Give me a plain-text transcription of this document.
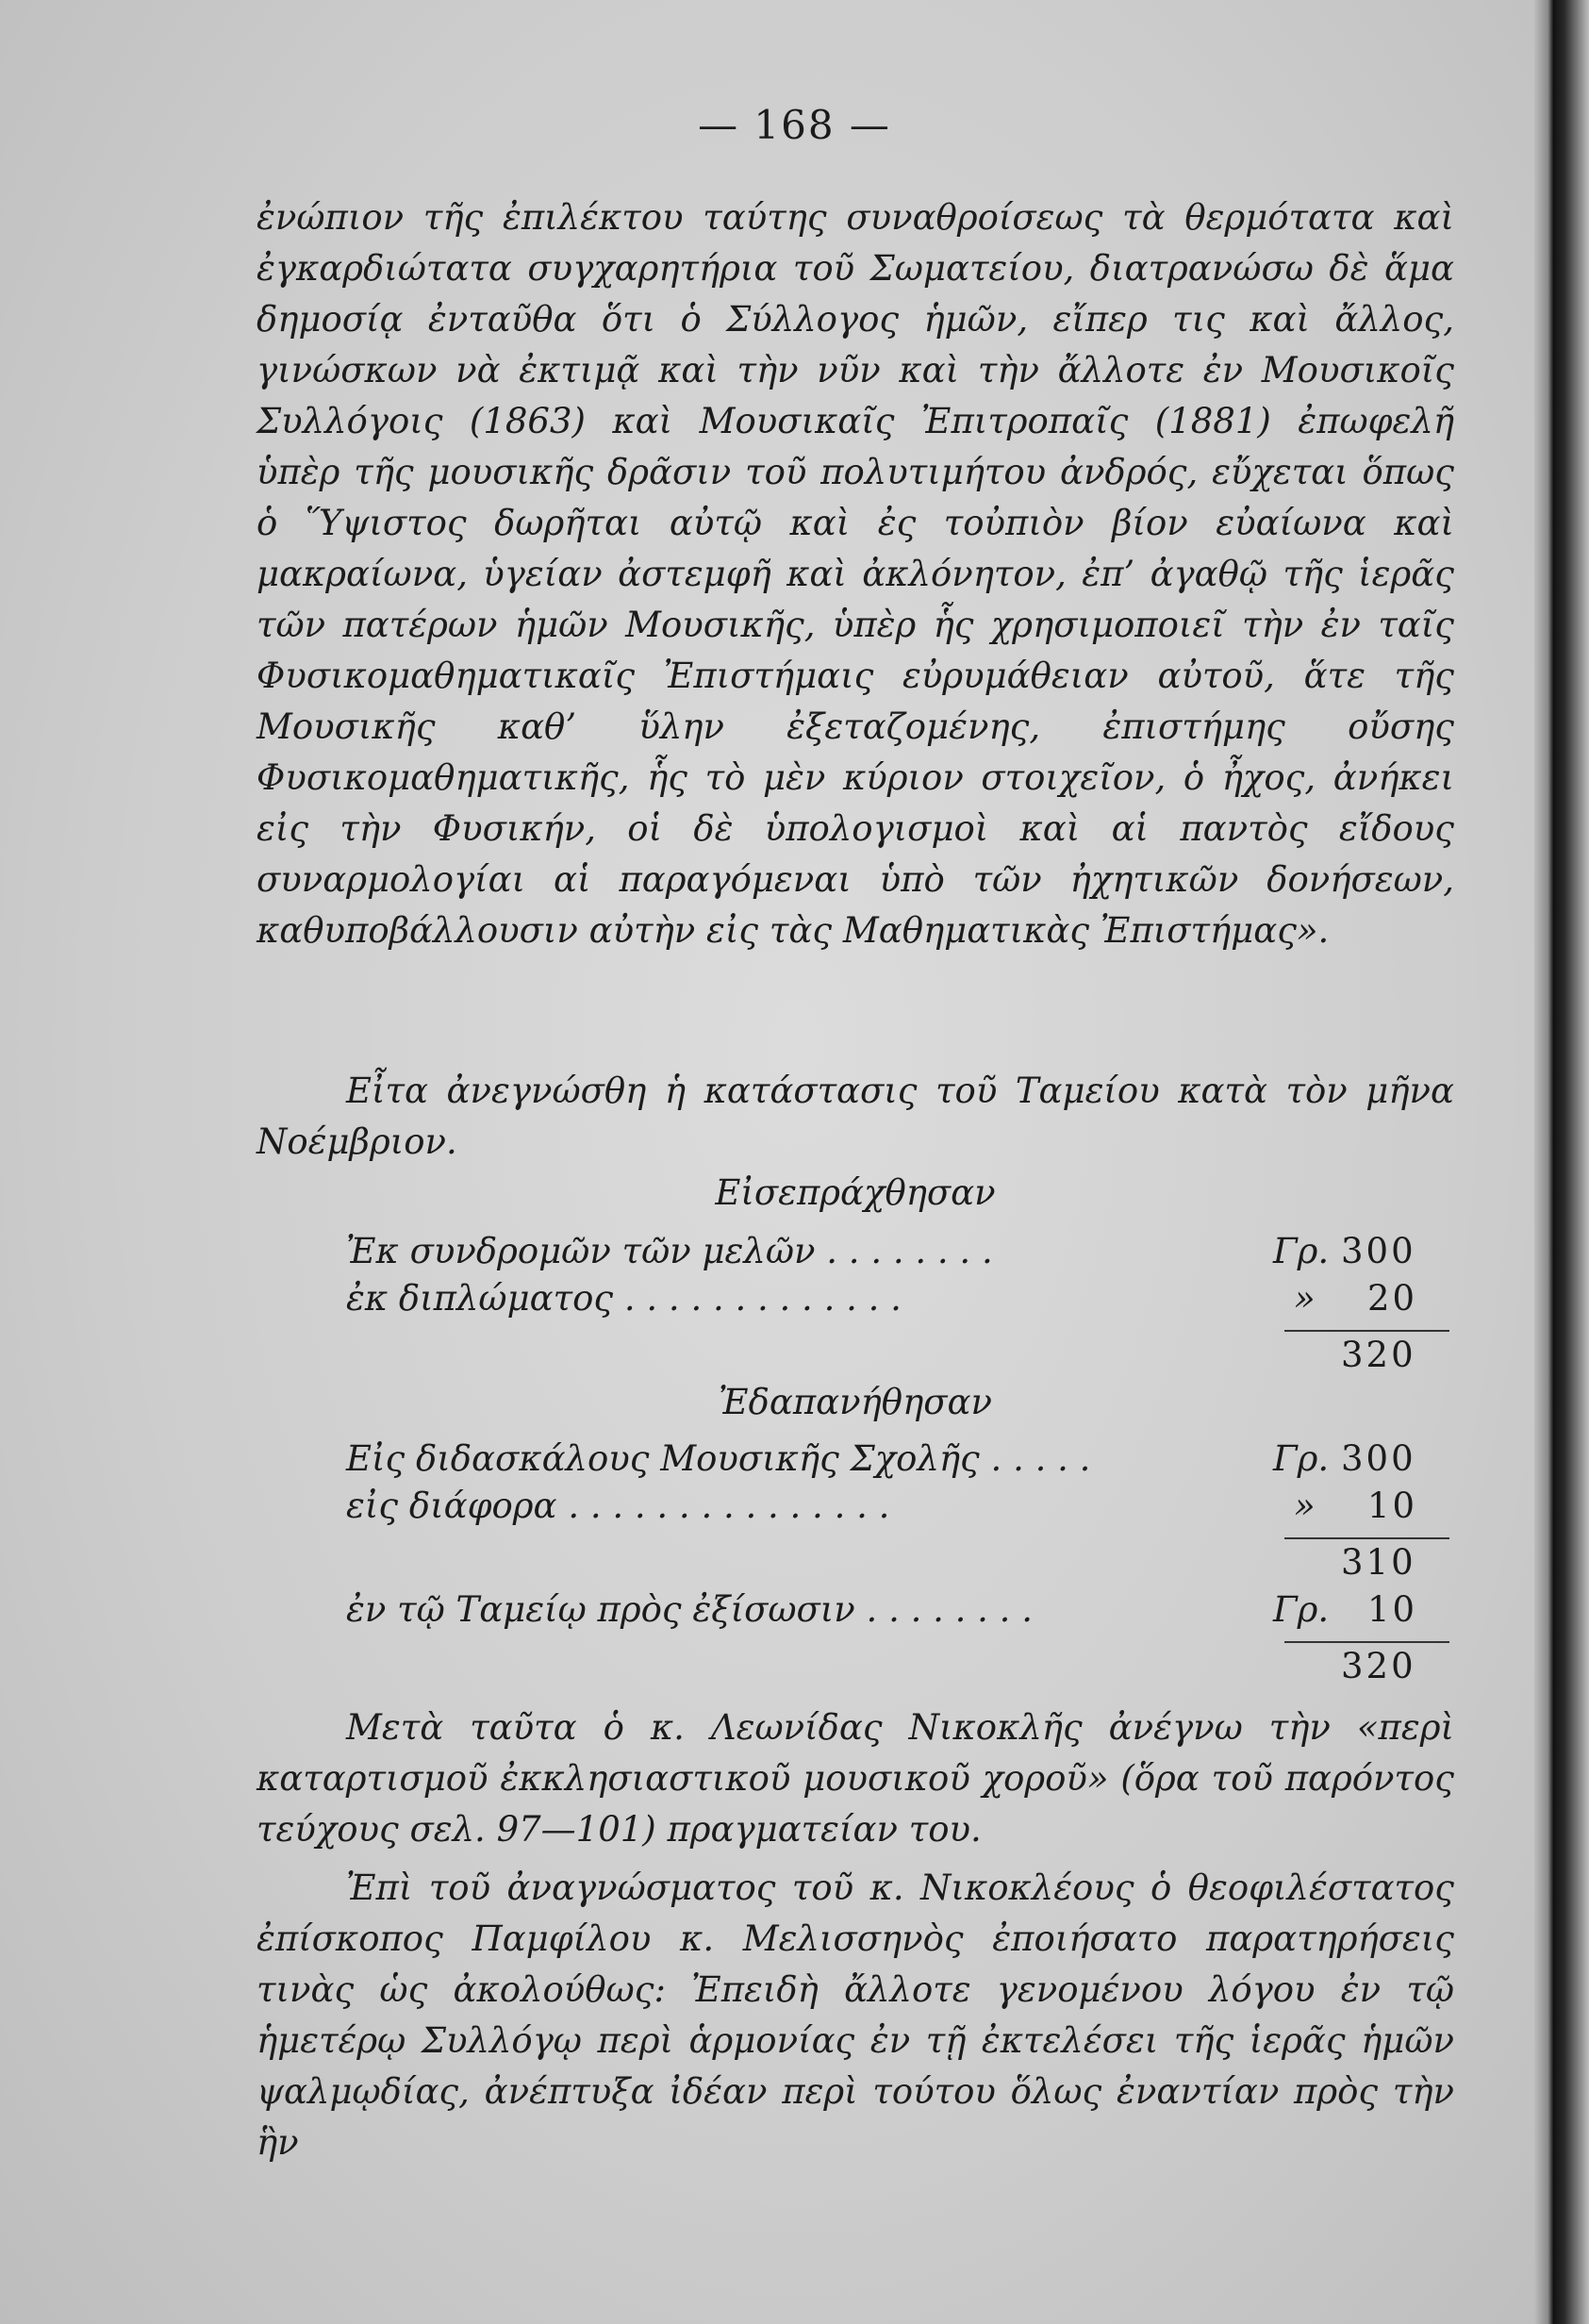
— 168 —
ἐνώπιον τῆς ἐπιλέκτου ταύτης συναθροίσεως τὰ θερμότατα καὶ ἐγκαρδιώτατα συγχαρητήρια τοῦ Σωματείου, διατρανώσω δὲ ἅμα δημοσίᾳ ἐνταῦθα ὅτι ὁ Σύλλογος ἡμῶν, εἴπερ τις καὶ ἄλλος, γινώσκων νὰ ἐκτιμᾷ καὶ τὴν νῦν καὶ τὴν ἄλλοτε ἐν Μουσικοῖς Συλλόγοις (1863) καὶ Μουσικαῖς Ἐπιτροπαῖς (1881) ἐπωφελῆ ὑπὲρ τῆς μουσικῆς δρᾶσιν τοῦ πολυτιμήτου ἀνδρός, εὔχεται ὅπως ὁ Ὕψιστος δωρῆται αὐτῷ καὶ ἐς τοὐπιὸν βίον εὐαίωνα καὶ μακραίωνα, ὑγείαν ἀστεμφῆ καὶ ἀκλόνητον, ἐπ’ ἀγαθῷ τῆς ἱερᾶς τῶν πατέρων ἡμῶν Μουσικῆς, ὑπὲρ ἧς χρησιμοποιεῖ τὴν ἐν ταῖς Φυσικομαθηματικαῖς Ἐπιστήμαις εὐρυμάθειαν αὐτοῦ, ἅτε τῆς Μουσικῆς καθ’ ὕλην ἐξεταζομένης, ἐπιστήμης οὔσης Φυσικομαθηματικῆς, ἧς τὸ μὲν κύριον στοιχεῖον, ὁ ἦχος, ἀνήκει εἰς τὴν Φυσικήν, οἱ δὲ ὑπολογισμοὶ καὶ αἱ παντὸς εἴδους συναρμολογίαι αἱ παραγόμεναι ὑπὸ τῶν ἠχητικῶν δονήσεων, καθυποβάλλουσιν αὐτὴν εἰς τὰς Μαθηματικὰς Ἐπιστήμας».
Εἶτα ἀνεγνώσθη ἡ κατάστασις τοῦ Ταμείου κατὰ τὸν μῆνα Νοέμβριον.
Εἰσεπράχθησαν
Ἐκ συνδρομῶν τῶν μελῶν . . . . . . . .	Γρ. 300
ἐκ διπλώματος . . . . . . . . . . . . .	» 20
320
Ἐδαπανήθησαν
Εἰς διδασκάλους Μουσικῆς Σχολῆς . . . . .	Γρ. 300
εἰς διάφορα . . . . . . . . . . . . . . .	» 10
310
ἐν τῷ Ταμείῳ πρὸς ἐξίσωσιν . . . . . . . .	Γρ. 10
320
Μετὰ ταῦτα ὁ κ. Λεωνίδας Νικοκλῆς ἀνέγνω τὴν «περὶ καταρτισμοῦ ἐκκλησιαστικοῦ μουσικοῦ χοροῦ» (ὅρα τοῦ παρόντος τεύχους σελ. 97—101) πραγματείαν του.
Ἐπὶ τοῦ ἀναγνώσματος τοῦ κ. Νικοκλέους ὁ θεοφιλέστατος ἐπίσκοπος Παμφίλου κ. Μελισσηνὸς ἐποιήσατο παρατηρήσεις τινὰς ὡς ἀκολούθως: Ἐπειδὴ ἄλλοτε γενομένου λόγου ἐν τῷ ἡμετέρῳ Συλλόγῳ περὶ ἁρμονίας ἐν τῇ ἐκτελέσει τῆς ἱερᾶς ἡμῶν ψαλμῳδίας, ἀνέπτυξα ἰδέαν περὶ τούτου ὅλως ἐναντίαν πρὸς τὴν ἣν
